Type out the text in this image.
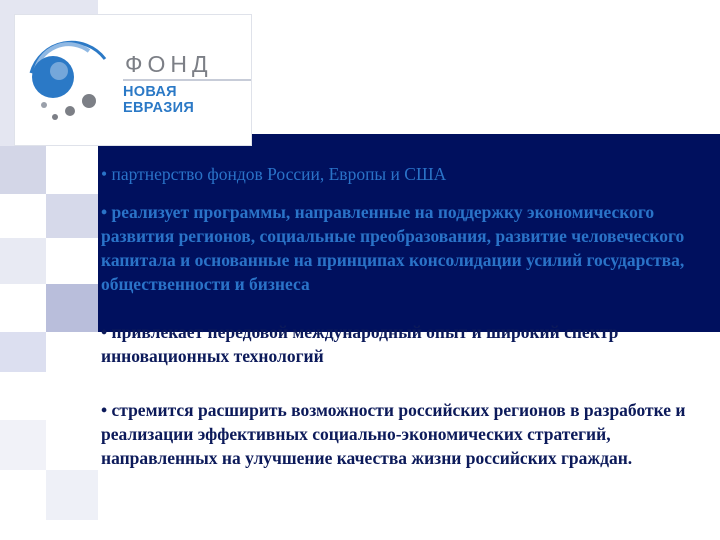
ФОНД
НОВАЯ ЕВРАЗИЯ

• партнерство фондов России, Европы и США

• реализует программы, направленные на поддержку экономического развития регионов, социальные преобразования, развитие человеческого капитала и основанные на принципах консолидации усилий государства, общественности и бизнеса

• привлекает передовой международный опыт и широкий спектр инновационных технологий

• стремится расширить возможности российских регионов в разработке и реализации эффективных социально-экономических стратегий, направленных на улучшение качества жизни российских граждан.
